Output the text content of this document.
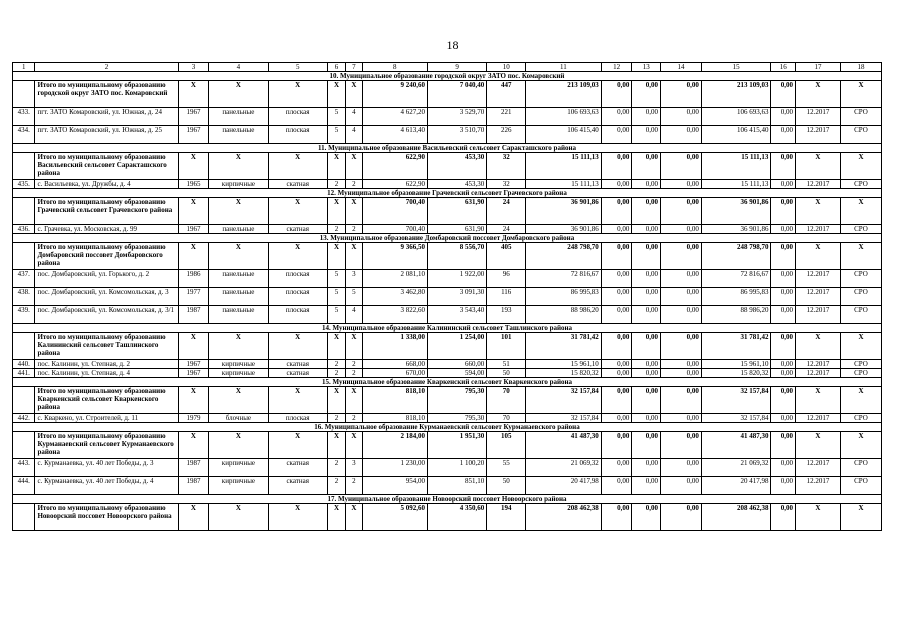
18
1	2	3	4	5	6	7	8	9	10	11	12	13	14	15	16	17	18
10. Муниципальное образование городской округ ЗАТО пос. Комаровский																	
	Итого по муниципальному образованию городской округ ЗАТО пос. Комаровский	X	X	X	X	X	9 240,60	7 040,40	447	213 109,03	0,00	0,00	0,00	213 109,03	0,00	X	X
433.	пгт. ЗАТО Комаровский, ул. Южная, д. 24	1967	панельные	плоская	5	4	4 627,20	3 529,70	221	106 693,63	0,00	0,00	0,00	106 693,63	0,00	12.2017	СРО
434.	пгт. ЗАТО Комаровский, ул. Южная, д. 25	1967	панельные	плоская	5	4	4 613,40	3 510,70	226	106 415,40	0,00	0,00	0,00	106 415,40	0,00	12.2017	СРО
11. Муниципальное образование Васильевский сельсовет Саракташского района																	
	Итого по муниципальному образованию Васильевский сельсовет Саракташского района	X	X	X	X	X	622,90	453,30	32	15 111,13	0,00	0,00	0,00	15 111,13	0,00	X	X
435.	с. Васильевка, ул. Дружбы, д. 4	1965	кирпичные	скатная	2	2	622,90	453,30	32	15 111,13	0,00	0,00	0,00	15 111,13	0,00	12.2017	СРО
12. Муниципальное образование Грачевский сельсовет Грачевского района																	
	Итого по муниципальному образованию Грачевский сельсовет Грачевского района	X	X	X	X	X	700,40	631,90	24	36 901,86	0,00	0,00	0,00	36 901,86	0,00	X	X
436.	с. Грачевка, ул. Московская, д. 99	1967	панельные	скатная	2	2	700,40	631,90	24	36 901,86	0,00	0,00	0,00	36 901,86	0,00	12.2017	СРО
13. Муниципальное образование Домбаровский поссовет Домбаровского района																	
	Итого по муниципальному образованию Домбаровский поссовет Домбаровского района	X	X	X	X	X	9 366,50	8 556,70	405	248 798,70	0,00	0,00	0,00	248 798,70	0,00	X	X
437.	пос. Домбаровский, ул. Горького, д. 2	1986	панельные	плоская	5	3	2 081,10	1 922,00	96	72 816,67	0,00	0,00	0,00	72 816,67	0,00	12.2017	СРО
438.	пос. Домбаровский, ул. Комсомольская, д. 3	1977	панельные	плоская	5	5	3 462,80	3 091,30	116	86 995,83	0,00	0,00	0,00	86 995,83	0,00	12.2017	СРО
439.	пос. Домбаровский, ул. Комсомольская, д. 3/1	1987	панельные	плоская	5	4	3 822,60	3 543,40	193	88 986,20	0,00	0,00	0,00	88 986,20	0,00	12.2017	СРО
14. Муниципальное образование Калининский сельсовет Ташлинского района																	
	Итого по муниципальному образованию Калининский сельсовет Ташлинского района	X	X	X	X	X	1 338,00	1 254,00	101	31 781,42	0,00	0,00	0,00	31 781,42	0,00	X	X
440.	пос. Калинин, ул. Степная, д. 2	1967	кирпичные	скатная	2	2	668,00	660,00	51	15 961,10	0,00	0,00	0,00	15 961,10	0,00	12.2017	СРО
441.	пос. Калинин, ул. Степная, д. 4	1967	кирпичные	скатная	2	2	670,00	594,00	50	15 820,32	0,00	0,00	0,00	15 820,32	0,00	12.2017	СРО
15. Муниципальное образование Кваркенский сельсовет Кваркенского района																	
	Итого по муниципальному образованию Кваркенский сельсовет Кваркенского района	X	X	X	X	X	818,10	795,30	70	32 157,84	0,00	0,00	0,00	32 157,84	0,00	X	X
442.	с. Кваркено, ул. Строителей, д. 11	1979	блочные	плоская	2	2	818,10	795,30	70	32 157,84	0,00	0,00	0,00	32 157,84	0,00	12.2017	СРО
16. Муниципальное образование Курманаевский сельсовет Курманаевского района																	
	Итого по муниципальному образованию Курманаевский сельсовет Курманаевского района	X	X	X	X	X	2 184,00	1 951,30	105	41 487,30	0,00	0,00	0,00	41 487,30	0,00	X	X
443.	с. Курманаевка, ул. 40 лет Победы, д. 3	1987	кирпичные	скатная	2	3	1 230,00	1 100,20	55	21 069,32	0,00	0,00	0,00	21 069,32	0,00	12.2017	СРО
444.	с. Курманаевка, ул. 40 лет Победы, д. 4	1987	кирпичные	скатная	2	2	954,00	851,10	50	20 417,98	0,00	0,00	0,00	20 417,98	0,00	12.2017	СРО
17. Муниципальное образование Новоорский поссовет Новоорского района																	
	Итого по муниципальному образованию Новоорский поссовет Новоорского района	X	X	X	X	X	5 092,60	4 350,60	194	208 462,38	0,00	0,00	0,00	208 462,38	0,00	X	X
